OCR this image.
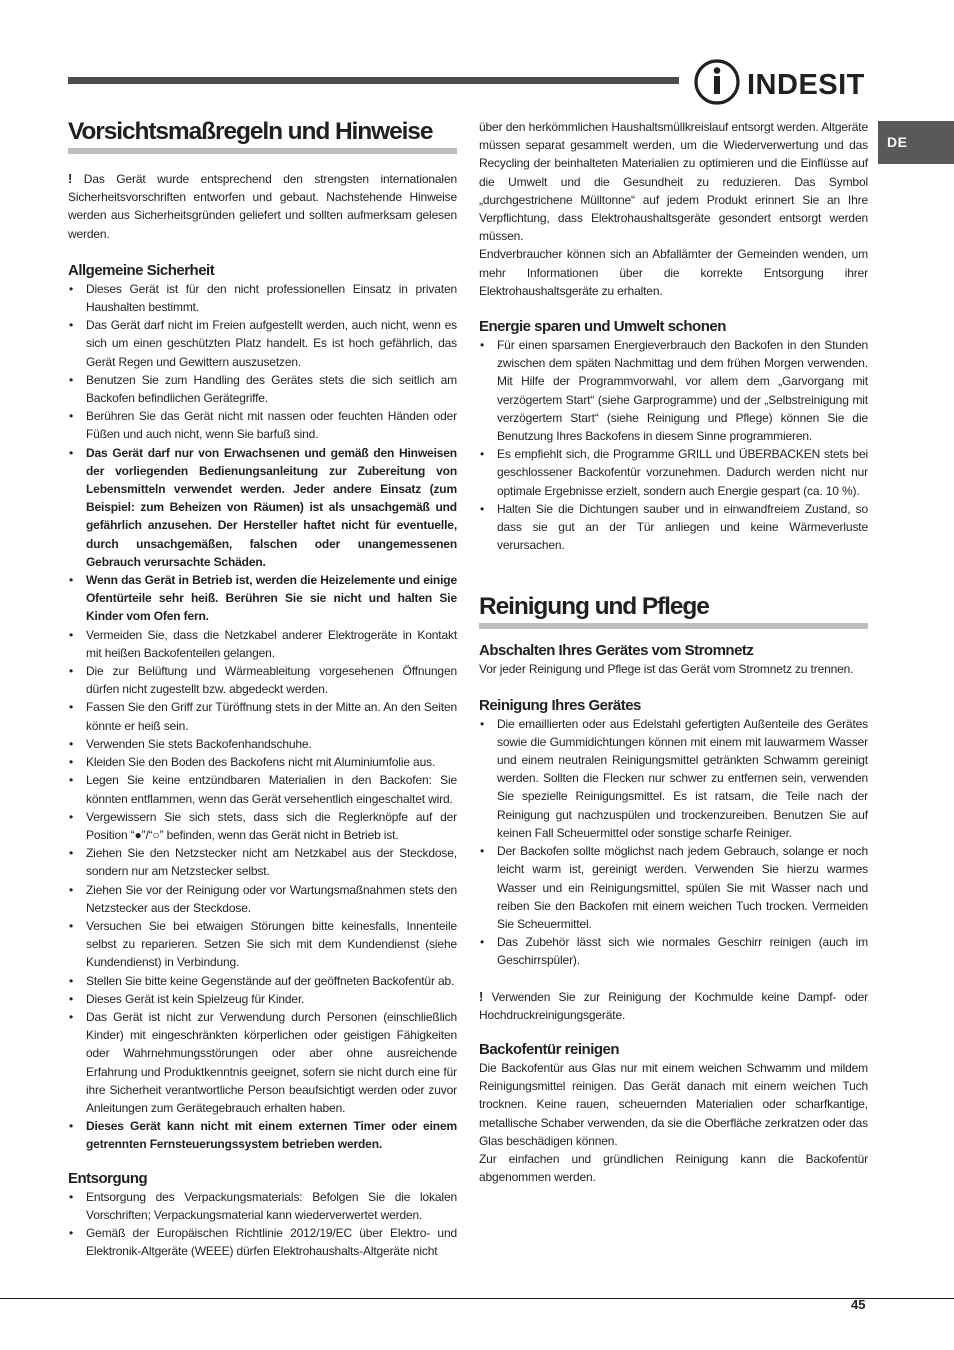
INDESIT
DE
Vorsichtsmaßregeln und Hinweise

! Das Gerät wurde entsprechend den strengsten internationalen Sicherheitsvorschriften entworfen und gebaut. Nachstehende Hinweise werden aus Sicherheitsgründen geliefert und sollten aufmerksam gelesen werden.

Allgemeine Sicherheit
• Dieses Gerät ist für den nicht professionellen Einsatz in privaten Haushalten bestimmt.
• Das Gerät darf nicht im Freien aufgestellt werden, auch nicht, wenn es sich um einen geschützten Platz handelt. Es ist hoch gefährlich, das Gerät Regen und Gewittern auszusetzen.
• Benutzen Sie zum Handling des Gerätes stets die sich seitlich am Backofen befindlichen Gerätegriffe.
• Berühren Sie das Gerät nicht mit nassen oder feuchten Händen oder Füßen und auch nicht, wenn Sie barfuß sind.
• Das Gerät darf nur von Erwachsenen und gemäß den Hinweisen der vorliegenden Bedienungsanleitung zur Zubereitung von Lebensmitteln verwendet werden. Jeder andere Einsatz (zum Beispiel: zum Beheizen von Räumen) ist als unsachgemäß und gefährlich anzusehen. Der Hersteller haftet nicht für eventuelle, durch unsachgemäßen, falschen oder unangemessenen Gebrauch verursachte Schäden.
• Wenn das Gerät in Betrieb ist, werden die Heizelemente und einige Ofentürteile sehr heiß. Berühren Sie sie nicht und halten Sie Kinder vom Ofen fern.
• Vermeiden Sie, dass die Netzkabel anderer Elektrogeräte in Kontakt mit heißen Backofenteilen gelangen.
• Die zur Belüftung und Wärmeableitung vorgesehenen Öffnungen dürfen nicht zugestellt bzw. abgedeckt werden.
• Fassen Sie den Griff zur Türöffnung stets in der Mitte an. An den Seiten könnte er heiß sein.
• Verwenden Sie stets Backofenhandschuhe.
• Kleiden Sie den Boden des Backofens nicht mit Aluminiumfolie aus.
• Legen Sie keine entzündbaren Materialien in den Backofen: Sie könnten entflammen, wenn das Gerät versehentlich eingeschaltet wird.
• Vergewissern Sie sich stets, dass sich die Reglerknöpfe auf der Position “●”/“○” befinden, wenn das Gerät nicht in Betrieb ist.
• Ziehen Sie den Netzstecker nicht am Netzkabel aus der Steckdose, sondern nur am Netzstecker selbst.
• Ziehen Sie vor der Reinigung oder vor Wartungsmaßnahmen stets den Netzstecker aus der Steckdose.
• Versuchen Sie bei etwaigen Störungen bitte keinesfalls, Innenteile selbst zu reparieren. Setzen Sie sich mit dem Kundendienst (siehe Kundendienst) in Verbindung.
• Stellen Sie bitte keine Gegenstände auf der geöffneten Backofentür ab.
• Dieses Gerät ist kein Spielzeug für Kinder.
• Das Gerät ist nicht zur Verwendung durch Personen (einschließlich Kinder) mit eingeschränkten körperlichen oder geistigen Fähigkeiten oder Wahrnehmungsstörungen oder aber ohne ausreichende Erfahrung und Produktkenntnis geeignet, sofern sie nicht durch eine für ihre Sicherheit verantwortliche Person beaufsichtigt werden oder zuvor Anleitungen zum Gerätegebrauch erhalten haben.
• Dieses Gerät kann nicht mit einem externen Timer oder einem getrennten Fernsteuerungssystem betrieben werden.
Entsorgung
• Entsorgung des Verpackungsmaterials: Befolgen Sie die lokalen Vorschriften; Verpackungsmaterial kann wiederverwertet werden.
• Gemäß der Europäischen Richtlinie 2012/19/EC über Elektro- und Elektronik-Altgeräte (WEEE) dürfen Elektrohaushalts-Altgeräte nicht

über den herkömmlichen Haushaltsmüllkreislauf entsorgt werden. Altgeräte müssen separat gesammelt werden, um die Wiederverwertung und das Recycling der beinhalteten Materialien zu optimieren und die Einflüsse auf die Umwelt und die Gesundheit zu reduzieren. Das Symbol „durchgestrichene Mülltonne“ auf jedem Produkt erinnert Sie an Ihre Verpflichtung, dass Elektrohaushaltsgeräte gesondert entsorgt werden müssen.

Endverbraucher können sich an Abfallämter der Gemeinden wenden, um mehr Informationen über die korrekte Entsorgung ihrer Elektrohaushaltsgeräte zu erhalten.

Energie sparen und Umwelt schonen
• Für einen sparsamen Energieverbrauch den Backofen in den Stunden zwischen dem späten Nachmittag und dem frühen Morgen verwenden. Mit Hilfe der Programmvorwahl, vor allem dem „Garvorgang mit verzögertem Start“ (siehe Garprogramme) und der „Selbstreinigung mit verzögertem Start“ (siehe Reinigung und Pflege) können Sie die Benutzung Ihres Backofens in diesem Sinne programmieren.
• Es empfiehlt sich, die Programme GRILL und ÜBERBACKEN stets bei geschlossener Backofentür vorzunehmen. Dadurch werden nicht nur optimale Ergebnisse erzielt, sondern auch Energie gespart (ca. 10 %).
• Halten Sie die Dichtungen sauber und in einwandfreiem Zustand, so dass sie gut an der Tür anliegen und keine Wärmeverluste verursachen.
Reinigung und Pflege
Abschalten Ihres Gerätes vom Stromnetz

Vor jeder Reinigung und Pflege ist das Gerät vom Stromnetz zu trennen.

Reinigung Ihres Gerätes
• Die emaillierten oder aus Edelstahl gefertigten Außenteile des Gerätes sowie die Gummidichtungen können mit einem mit lauwarmem Wasser und einem neutralen Reinigungsmittel getränkten Schwamm gereinigt werden. Sollten die Flecken nur schwer zu entfernen sein, verwenden Sie spezielle Reinigungsmittel. Es ist ratsam, die Teile nach der Reinigung gut nachzuspülen und trockenzureiben. Benutzen Sie auf keinen Fall Scheuermittel oder sonstige scharfe Reiniger.
• Der Backofen sollte möglichst nach jedem Gebrauch, solange er noch leicht warm ist, gereinigt werden. Verwenden Sie hierzu warmes Wasser und ein Reinigungsmittel, spülen Sie mit Wasser nach und reiben Sie den Backofen mit einem weichen Tuch trocken. Vermeiden Sie Scheuermittel.
• Das Zubehör lässt sich wie normales Geschirr reinigen (auch im Geschirrspüler).

! Verwenden Sie zur Reinigung der Kochmulde keine Dampf- oder Hochdruckreinigungsgeräte.

Backofentür reinigen

Die Backofentür aus Glas nur mit einem weichen Schwamm und mildem Reinigungsmittel reinigen. Das Gerät danach mit einem weichen Tuch trocknen. Keine rauen, scheuernden Materialien oder scharfkantige, metallische Schaber verwenden, da sie die Oberfläche zerkratzen oder das Glas beschädigen können.

Zur einfachen und gründlichen Reinigung kann die Backofentür abgenommen werden.

45
